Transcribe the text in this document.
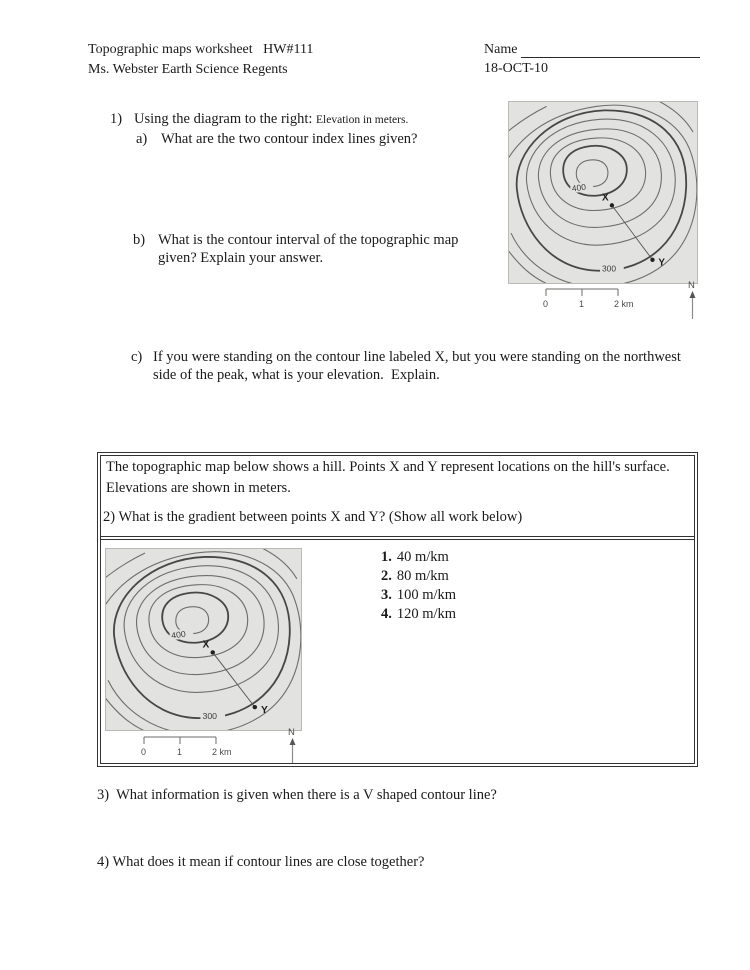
Topographic maps worksheet   HW#111
Ms. Webster Earth Science Regents
Name
18-OCT-10
1) Using the diagram to the right: Elevation in meters.
a) What are the two contour index lines given?
400
300
X
Y
0	1	2 km
N
b) What is the contour interval of the topographic map
given? Explain your answer.
c) If you were standing on the contour line labeled X, but you were standing on the northwest
side of the peak, what is your elevation.  Explain.
The topographic map below shows a hill. Points X and Y represent locations on the hill's surface.
Elevations are shown in meters.
2) What is the gradient between points X and Y? (Show all work below)
400
300
X
Y
0	1	2 km
N
1. 40 m/km
2. 80 m/km
3. 100 m/km
4. 120 m/km
3)  What information is given when there is a V shaped contour line?
4) What does it mean if contour lines are close together?
